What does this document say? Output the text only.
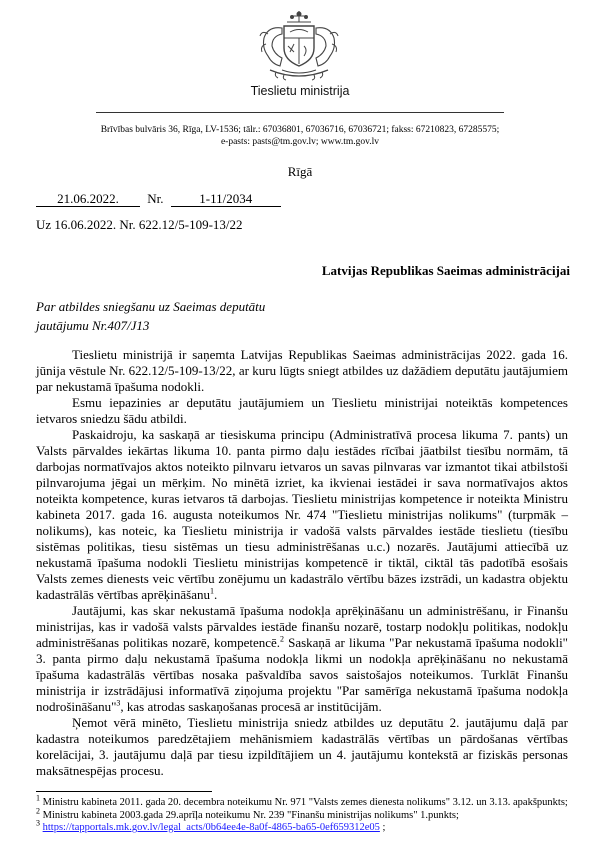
Tieslietu ministrija
Brīvības bulvāris 36, Rīga, LV-1536; tālr.: 67036801, 67036716, 67036721; fakss: 67210823, 67285575;
e-pasts: pasts@tm.gov.lv; www.tm.gov.lv
Rīgā
21.06.2022. Nr.	1-11/2034
Uz 16.06.2022. Nr. 622.12/5-109-13/22
Latvijas Republikas Saeimas administrācijai
Par atbildes sniegšanu uz Saeimas deputātu
jautājumu Nr.407/J13

Tieslietu ministrijā ir saņemta Latvijas Republikas Saeimas administrācijas 2022. gada 16. jūnija vēstule Nr. 622.12/5-109-13/22, ar kuru lūgts sniegt atbildes uz dažādiem deputātu jautājumiem par nekustamā īpašuma nodokli.

Esmu iepazinies ar deputātu jautājumiem un Tieslietu ministrijai noteiktās kompetences ietvaros sniedzu šādu atbildi.

Paskaidroju, ka saskaņā ar tiesiskuma principu (Administratīvā procesa likuma 7. pants) un Valsts pārvaldes iekārtas likuma 10. panta pirmo daļu iestādes rīcībai jāatbilst tiesību normām, tā darbojas normatīvajos aktos noteikto pilnvaru ietvaros un savas pilnvaras var izmantot tikai atbilstoši pilnvarojuma jēgai un mērķim. No minētā izriet, ka ikvienai iestādei ir sava normatīvajos aktos noteikta kompetence, kuras ietvaros tā darbojas. Tieslietu ministrijas kompetence ir noteikta Ministru kabineta 2017. gada 16. augusta noteikumos Nr. 474 "Tieslietu ministrijas nolikums" (turpmāk – nolikums), kas noteic, ka Tieslietu ministrija ir vadošā valsts pārvaldes iestāde tieslietu (tiesību sistēmas politikas, tiesu sistēmas un tiesu administrēšanas u.c.) nozarēs. Jautājumi attiecībā uz nekustamā īpašuma nodokli Tieslietu ministrijas kompetencē ir tiktāl, ciktāl tās padotībā esošais Valsts zemes dienests veic vērtību zonējumu un kadastrālo vērtību bāzes izstrādi, un kadastra objektu kadastrālās vērtības aprēķināšanu$^1$.

Jautājumi, kas skar nekustamā īpašuma nodokļa aprēķināšanu un administrēšanu, ir Finanšu ministrijas, kas ir vadošā valsts pārvaldes iestāde finanšu nozarē, tostarp nodokļu politikas, nodokļu administrēšanas politikas nozarē, kompetencē.$^2$ Saskaņā ar likuma "Par nekustamā īpašuma nodokli" 3. panta pirmo daļu nekustamā īpašuma nodokļa likmi un nodokļa aprēķināšanu no nekustamā īpašuma kadastrālās vērtības nosaka pašvaldība savos saistošajos noteikumos. Turklāt Finanšu ministrija ir izstrādājusi informatīvā ziņojuma projektu "Par samērīga nekustamā īpašuma nodokļa nodrošināšanu"$^3$, kas atrodas saskaņošanas procesā ar institūcijām.

Ņemot vērā minēto, Tieslietu ministrija sniedz atbildes uz deputātu 2. jautājumu daļā par kadastra noteikumos paredzētajiem mehānismiem kadastrālās vērtības un pārdošanas vērtības korelācijai, 3. jautājumu daļā par tiesu izpildītājiem un 4. jautājumu kontekstā ar fiziskās personas maksātnespējas procesu.

$^1$ Ministru kabineta 2011. gada 20. decembra noteikumu Nr. 971 "Valsts zemes dienesta nolikums" 3.12. un 3.13. apakšpunkts;
$^2$ Ministru kabineta 2003.gada 29.aprīļa noteikumu Nr. 239 "Finanšu ministrijas nolikums" 1.punkts;
$^3$ https://tapportals.mk.gov.lv/legal_acts/0b64ee4e-8a0f-4865-ba65-0ef659312e05 ;
